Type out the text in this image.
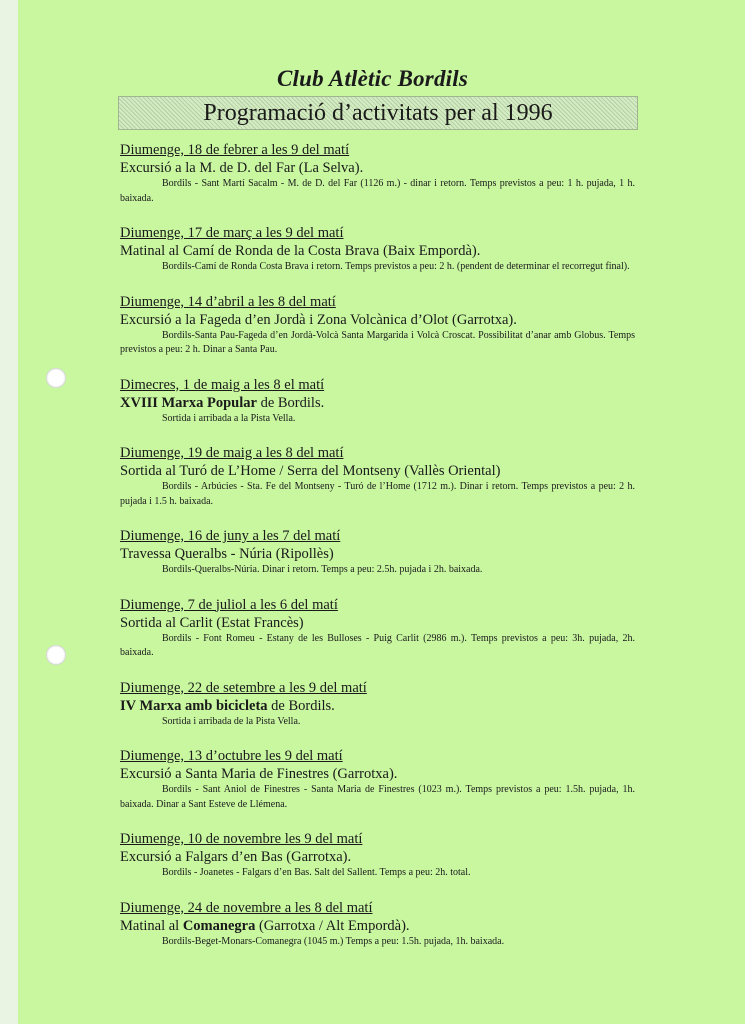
Club Atlètic Bordils
Programació d’activitats per al 1996
Diumenge, 18 de febrer a les 9 del matí
Excursió a la M. de D. del Far (La Selva).
Bordils - Sant Martí Sacalm - M. de D. del Far (1126 m.) - dinar i retorn. Temps previstos a peu: 1 h. pujada, 1 h. baixada.
Diumenge, 17 de març a les 9 del matí
Matinal al Camí de Ronda de la Costa Brava (Baix Empordà).
Bordils-Camí de Ronda Costa Brava i retorn. Temps previstos a peu: 2 h. (pendent de determinar el recorregut final).
Diumenge, 14 d’abril a les 8 del matí
Excursió a la Fageda d’en Jordà i Zona Volcànica d’Olot (Garrotxa).
Bordils-Santa Pau-Fageda d’en Jordà-Volcà Santa Margarida i Volcà Croscat. Possibilitat d’anar amb Globus. Temps previstos a peu: 2 h. Dinar a Santa Pau.
Dimecres, 1 de maig a les 8 el matí
XVIII Marxa Popular de Bordils.
Sortida i arribada a la Pista Vella.
Diumenge, 19 de maig a les 8 del matí
Sortida al Turó de L’Home / Serra del Montseny (Vallès Oriental)
Bordils - Arbúcies - Sta. Fe del Montseny - Turó de l’Home (1712 m.). Dinar i retorn. Temps previstos a peu: 2 h. pujada i 1.5 h. baixada.
Diumenge, 16 de juny a les 7 del matí
Travessa Queralbs - Núria (Ripollès)
Bordils-Queralbs-Núria. Dinar i retorn. Temps a peu: 2.5h. pujada i 2h. baixada.
Diumenge, 7 de juliol a les 6 del matí
Sortida al Carlit (Estat Francès)
Bordils - Font Romeu - Estany de les Bulloses - Puig Carlit (2986 m.). Temps previstos a peu: 3h. pujada, 2h. baixada.
Diumenge, 22 de setembre a les 9 del matí
IV Marxa amb bicicleta de Bordils.
Sortida i arribada de la Pista Vella.
Diumenge, 13 d’octubre les 9 del matí
Excursió a Santa Maria de Finestres (Garrotxa).
Bordils - Sant Aniol de Finestres - Santa Maria de Finestres (1023 m.). Temps previstos a peu: 1.5h. pujada, 1h. baixada. Dinar a Sant Esteve de Llémena.
Diumenge, 10 de novembre les 9 del matí
Excursió a Falgars d’en Bas (Garrotxa).
Bordils - Joanetes - Falgars d’en Bas. Salt del Sallent. Temps a peu: 2h. total.
Diumenge, 24 de novembre a les 8 del matí
Matinal al Comanegra (Garrotxa / Alt Empordà).
Bordils-Beget-Monars-Comanegra (1045 m.) Temps a peu: 1.5h. pujada, 1h. baixada.
